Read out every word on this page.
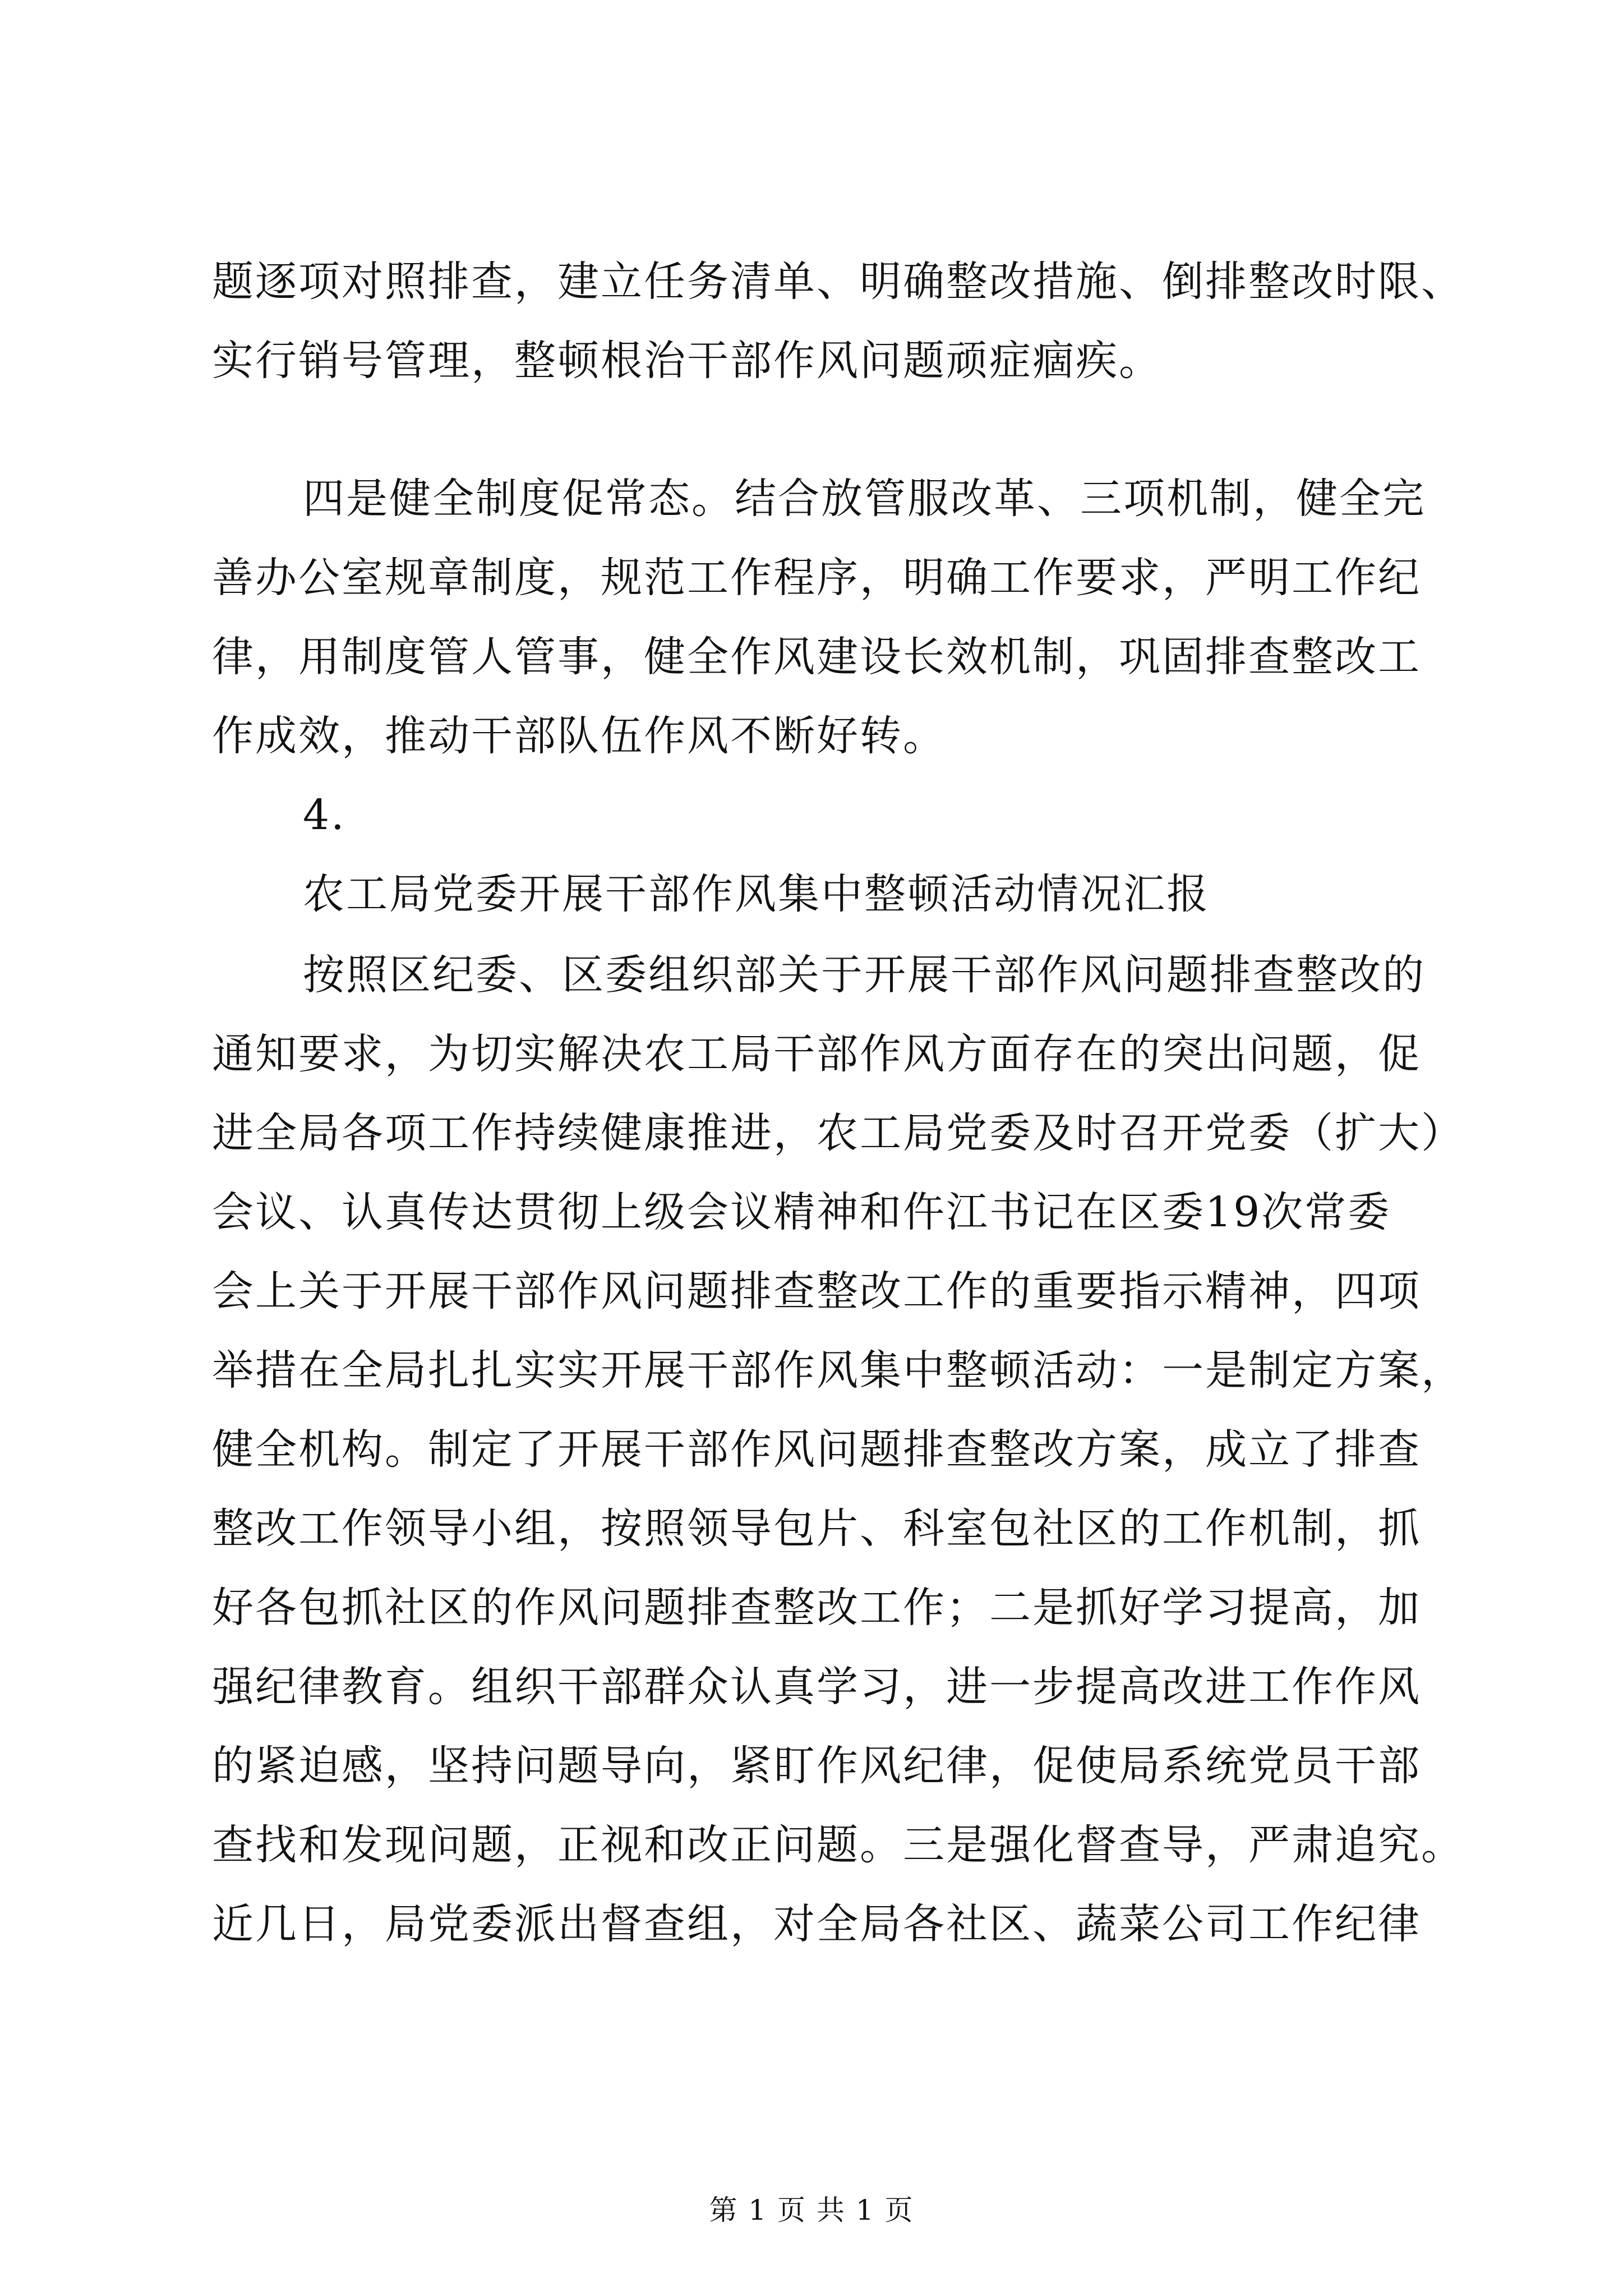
题逐项对照排查，建立任务清单、明确整改措施、倒排整改时限、
实行销号管理，整顿根治干部作风问题顽症痼疾。
四是健全制度促常态。结合放管服改革、三项机制，健全完
善办公室规章制度，规范工作程序，明确工作要求，严明工作纪
律，用制度管人管事，健全作风建设长效机制，巩固排查整改工
作成效，推动干部队伍作风不断好转。
4.
农工局党委开展干部作风集中整顿活动情况汇报
按照区纪委、区委组织部关于开展干部作风问题排查整改的
通知要求，为切实解决农工局干部作风方面存在的突出问题，促
进全局各项工作持续健康推进，农工局党委及时召开党委（扩大）
会议、认真传达贯彻上级会议精神和仵江书记在区委19次常委
会上关于开展干部作风问题排查整改工作的重要指示精神，四项
举措在全局扎扎实实开展干部作风集中整顿活动：一是制定方案，
健全机构。制定了开展干部作风问题排查整改方案，成立了排查
整改工作领导小组，按照领导包片、科室包社区的工作机制，抓
好各包抓社区的作风问题排查整改工作；二是抓好学习提高，加
强纪律教育。组织干部群众认真学习，进一步提高改进工作作风
的紧迫感，坚持问题导向，紧盯作风纪律，促使局系统党员干部
查找和发现问题，正视和改正问题。三是强化督查导，严肃追究。
近几日，局党委派出督查组，对全局各社区、蔬菜公司工作纪律
第 1 页 共 1 页
